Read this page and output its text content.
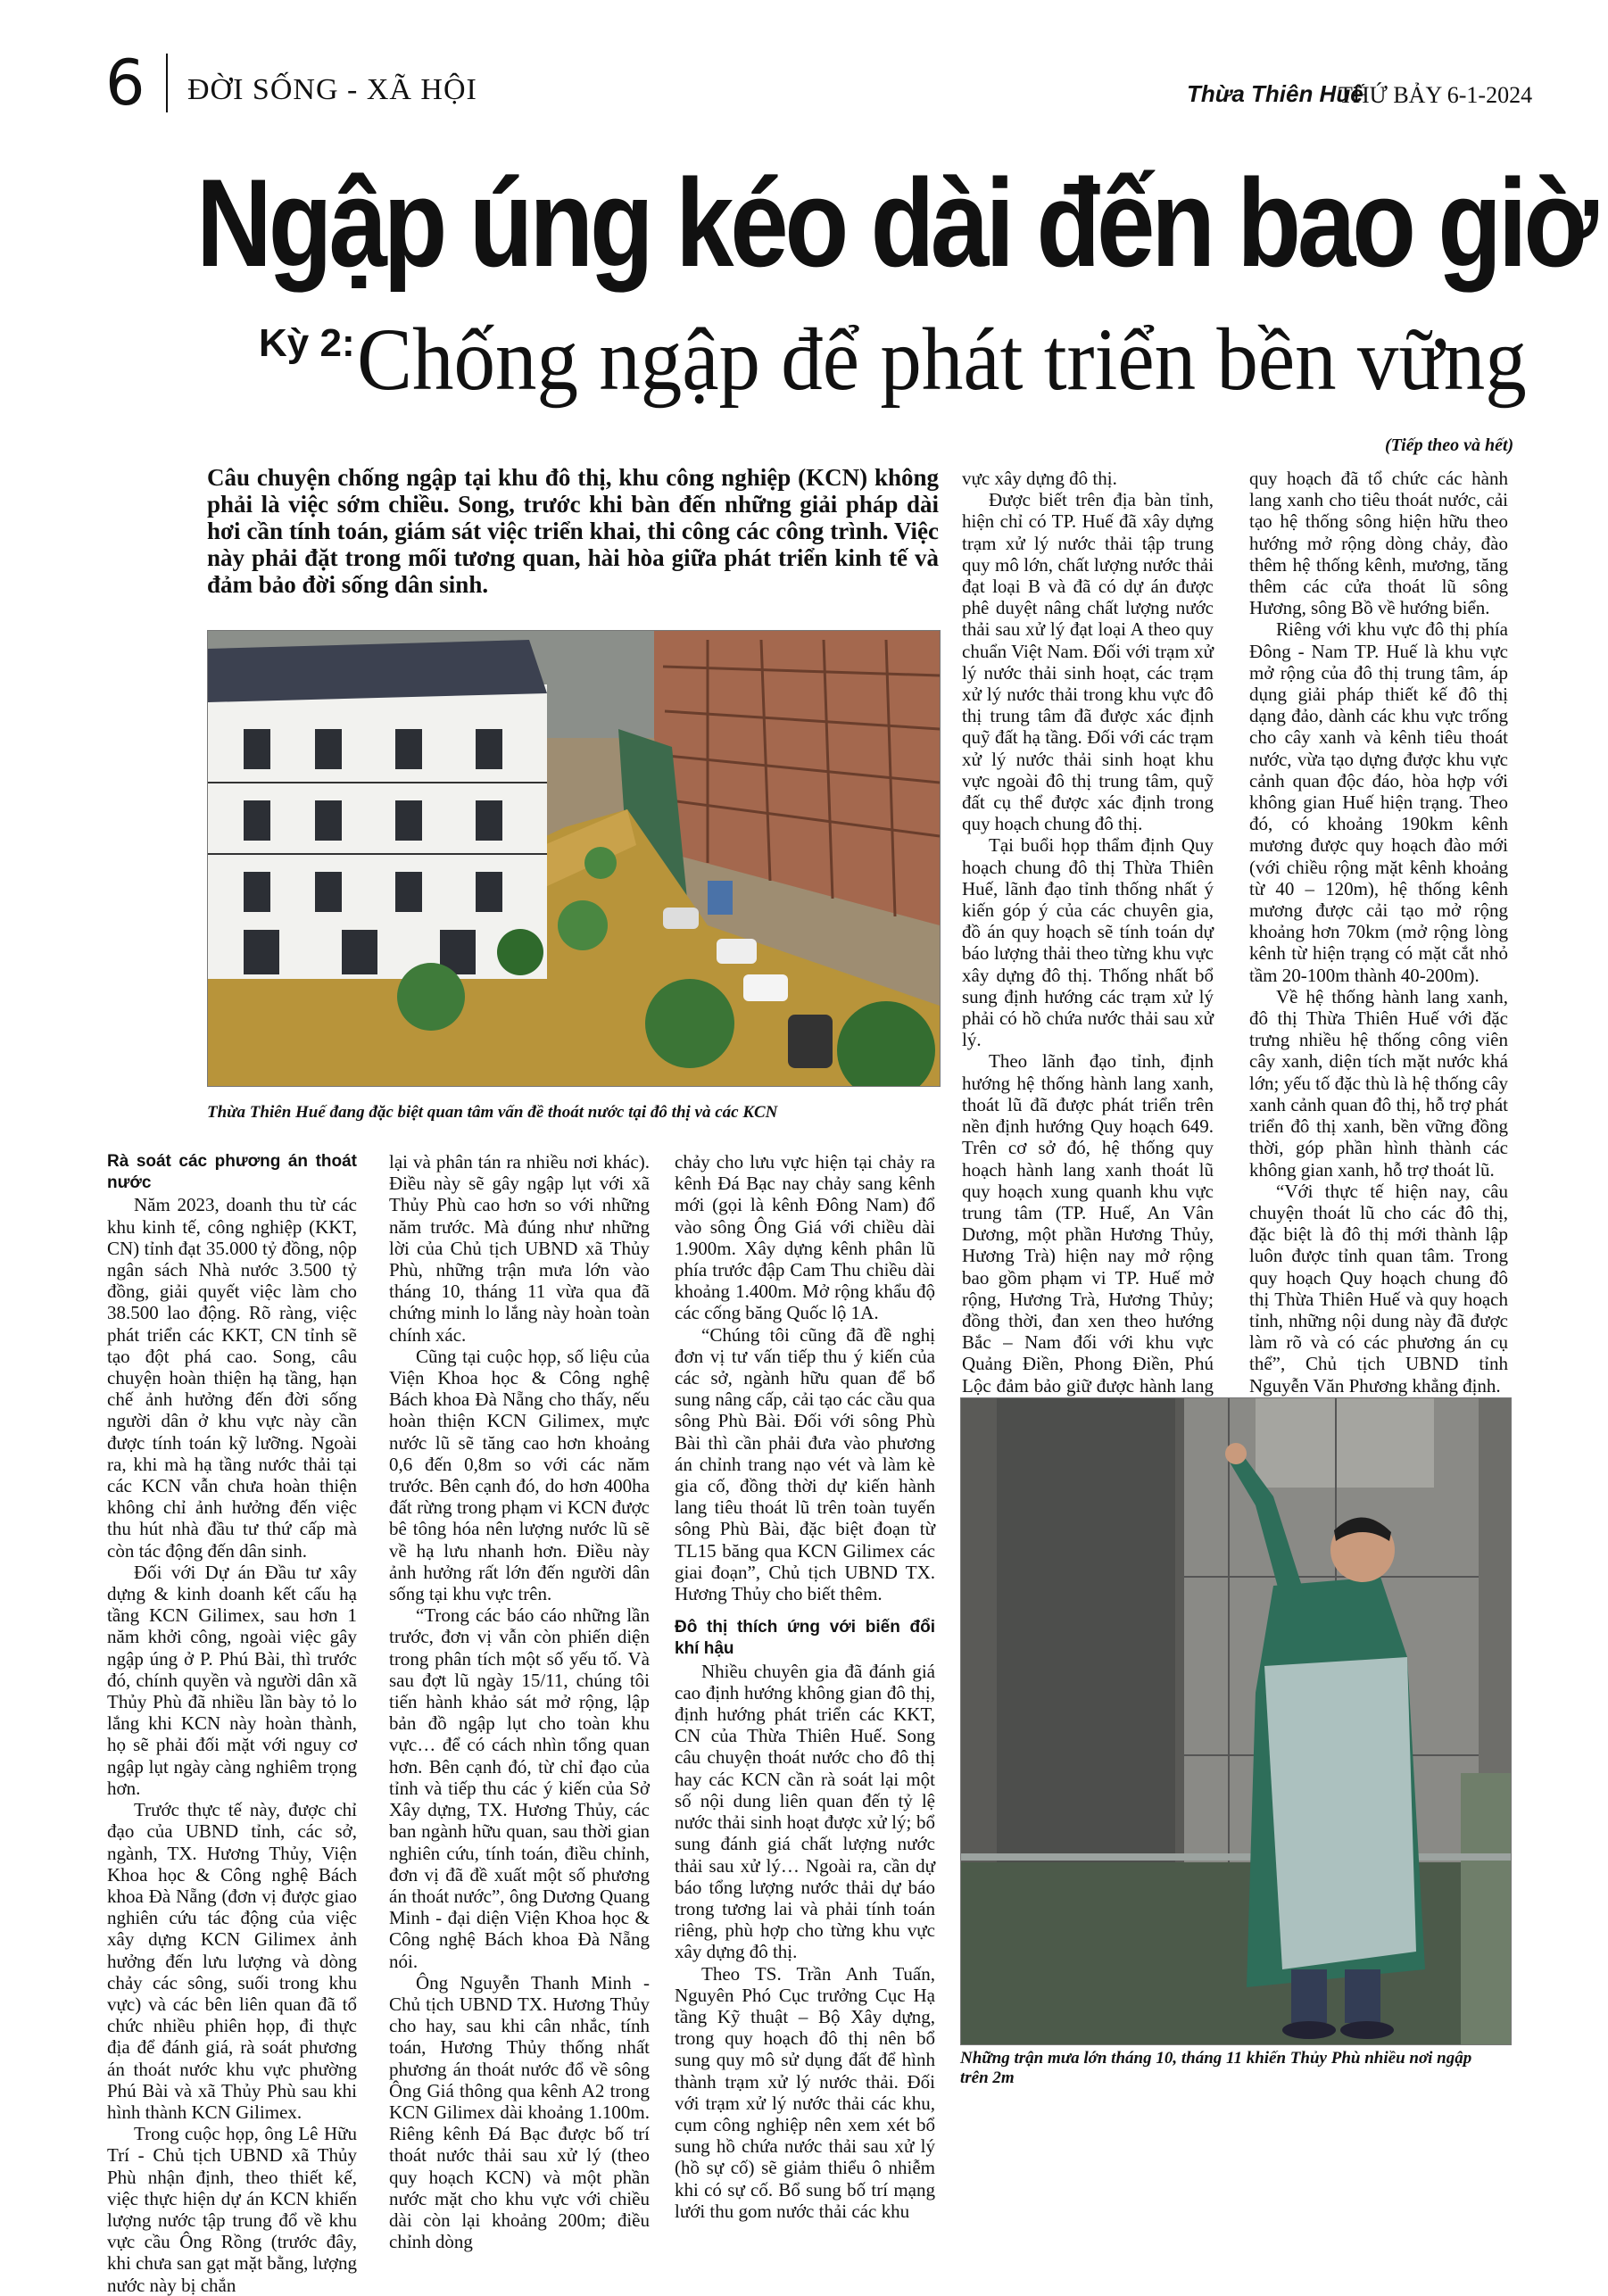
6 ĐỜI SỐNG - XÃ HỘI	Thừa Thiên Huế
THỨ BẢY 6-1-2024
Ngập úng kéo dài đến bao giờ
Kỳ 2: Chống ngập để phát triển bền vững
(Tiếp theo và hết)

Câu chuyện chống ngập tại khu đô thị, khu công nghiệp (KCN) không phải là việc sớm chiều. Song, trước khi bàn đến những giải pháp dài hơi cần tính toán, giám sát việc triển khai, thi công các công trình. Việc này phải đặt trong mối tương quan, hài hòa giữa phát triển kinh tế và đảm bảo đời sống dân sinh.

Thừa Thiên Huế đang đặc biệt quan tâm vấn đề thoát nước tại đô thị và các KCN

Rà soát các phương án thoát nước

Năm 2023, doanh thu từ các khu kinh tế, công nghiệp (KKT, CN) tỉnh đạt 35.000 tỷ đồng, nộp ngân sách Nhà nước 3.500 tỷ đồng, giải quyết việc làm cho 38.500 lao động. Rõ ràng, việc phát triển các KKT, CN tỉnh sẽ tạo đột phá cao. Song, câu chuyện hoàn thiện hạ tầng, hạn chế ảnh hưởng đến đời sống người dân ở khu vực này cần được tính toán kỹ lưỡng. Ngoài ra, khi mà hạ tầng nước thải tại các KCN vẫn chưa hoàn thiện không chỉ ảnh hưởng đến việc thu hút nhà đầu tư thứ cấp mà còn tác động đến dân sinh.

Đối với Dự án Đầu tư xây dựng & kinh doanh kết cấu hạ tầng KCN Gilimex, sau hơn 1 năm khởi công, ngoài việc gây ngập úng ở P. Phú Bài, thì trước đó, chính quyền và người dân xã Thủy Phù đã nhiều lần bày tỏ lo lắng khi KCN này hoàn thành, họ sẽ phải đối mặt với nguy cơ ngập lụt ngày càng nghiêm trọng hơn.

Trước thực tế này, được chỉ đạo của UBND tỉnh, các sở, ngành, TX. Hương Thủy, Viện Khoa học & Công nghệ Bách khoa Đà Nẵng (đơn vị được giao nghiên cứu tác động của việc xây dựng KCN Gilimex ảnh hưởng đến lưu lượng và dòng chảy các sông, suối trong khu vực) và các bên liên quan đã tổ chức nhiều phiên họp, đi thực địa để đánh giá, rà soát phương án thoát nước khu vực phường Phú Bài và xã Thủy Phù sau khi hình thành KCN Gilimex.

Trong cuộc họp, ông Lê Hữu Trí - Chủ tịch UBND xã Thủy Phù nhận định, theo thiết kế, việc thực hiện dự án KCN khiến lượng nước tập trung đổ về khu vực cầu Ông Rồng (trước đây, khi chưa san gạt mặt bằng, lượng nước này bị chắn

lại và phân tán ra nhiều nơi khác). Điều này sẽ gây ngập lụt với xã Thủy Phù cao hơn so với những năm trước. Mà đúng như những lời của Chủ tịch UBND xã Thủy Phù, những trận mưa lớn vào tháng 10, tháng 11 vừa qua đã chứng minh lo lắng này hoàn toàn chính xác.

Cũng tại cuộc họp, số liệu của Viện Khoa học & Công nghệ Bách khoa Đà Nẵng cho thấy, nếu hoàn thiện KCN Gilimex, mực nước lũ sẽ tăng cao hơn khoảng 0,6 đến 0,8m so với các năm trước. Bên cạnh đó, do hơn 400ha đất rừng trong phạm vi KCN được bê tông hóa nên lượng nước lũ sẽ về hạ lưu nhanh hơn. Điều này ảnh hưởng rất lớn đến người dân sống tại khu vực trên.

“Trong các báo cáo những lần trước, đơn vị vẫn còn phiến diện trong phân tích một số yếu tố. Và sau đợt lũ ngày 15/11, chúng tôi tiến hành khảo sát mở rộng, lập bản đồ ngập lụt cho toàn khu vực… để có cách nhìn tổng quan hơn. Bên cạnh đó, từ chỉ đạo của tỉnh và tiếp thu các ý kiến của Sở Xây dựng, TX. Hương Thủy, các ban ngành hữu quan, sau thời gian nghiên cứu, tính toán, điều chỉnh, đơn vị đã đề xuất một số phương án thoát nước”, ông Dương Quang Minh - đại diện Viện Khoa học & Công nghệ Bách khoa Đà Nẵng nói.

Ông Nguyễn Thanh Minh - Chủ tịch UBND TX. Hương Thủy cho hay, sau khi cân nhắc, tính toán, Hương Thủy thống nhất phương án thoát nước đổ về sông Ông Giá thông qua kênh A2 trong KCN Gilimex dài khoảng 1.100m. Riêng kênh Đá Bạc được bố trí thoát nước thải sau xử lý (theo quy hoạch KCN) và một phần nước mặt cho khu vực với chiều dài còn lại khoảng 200m; điều chỉnh dòng

chảy cho lưu vực hiện tại chảy ra kênh Đá Bạc nay chảy sang kênh mới (gọi là kênh Đông Nam) đổ vào sông Ông Giá với chiều dài 1.900m. Xây dựng kênh phân lũ phía trước đập Cam Thu chiều dài khoảng 1.400m. Mở rộng khẩu độ các cống băng Quốc lộ 1A.

“Chúng tôi cũng đã đề nghị đơn vị tư vấn tiếp thu ý kiến của các sở, ngành hữu quan để bổ sung nâng cấp, cải tạo các cầu qua sông Phù Bài. Đối với sông Phù Bài thì cần phải đưa vào phương án chỉnh trang nạo vét và làm kè gia cố, đồng thời dự kiến hành lang tiêu thoát lũ trên toàn tuyến sông Phù Bài, đặc biệt đoạn từ TL15 băng qua KCN Gilimex các giai đoạn”, Chủ tịch UBND TX. Hương Thủy cho biết thêm.

Đô thị thích ứng với biến đổi khí hậu

Nhiều chuyên gia đã đánh giá cao định hướng không gian đô thị, định hướng phát triển các KKT, CN của Thừa Thiên Huế. Song câu chuyện thoát nước cho đô thị hay các KCN cần rà soát lại một số nội dung liên quan đến tỷ lệ nước thải sinh hoạt được xử lý; bổ sung đánh giá chất lượng nước thải sau xử lý… Ngoài ra, cần dự báo tổng lượng nước thải dự báo trong tương lai và phải tính toán riêng, phù hợp cho từng khu vực xây dựng đô thị.

Theo TS. Trần Anh Tuấn, Nguyên Phó Cục trưởng Cục Hạ tầng Kỹ thuật – Bộ Xây dựng, trong quy hoạch đô thị nên bổ sung quy mô sử dụng đất để hình thành trạm xử lý nước thải. Đối với trạm xử lý nước thải các khu, cụm công nghiệp nên xem xét bổ sung hồ chứa nước thải sau xử lý (hồ sự cố) sẽ giảm thiểu ô nhiễm khi có sự cố. Bổ sung bố trí mạng lưới thu gom nước thải các khu

vực xây dựng đô thị.

Được biết trên địa bàn tỉnh, hiện chỉ có TP. Huế đã xây dựng trạm xử lý nước thải tập trung quy mô lớn, chất lượng nước thải đạt loại B và đã có dự án được phê duyệt nâng chất lượng nước thải sau xử lý đạt loại A theo quy chuẩn Việt Nam. Đối với trạm xử lý nước thải sinh hoạt, các trạm xử lý nước thải trong khu vực đô thị trung tâm đã được xác định quỹ đất hạ tầng. Đối với các trạm xử lý nước thải sinh hoạt khu vực ngoài đô thị trung tâm, quỹ đất cụ thể được xác định trong quy hoạch chung đô thị.

Tại buổi họp thẩm định Quy hoạch chung đô thị Thừa Thiên Huế, lãnh đạo tỉnh thống nhất ý kiến góp ý của các chuyên gia, đồ án quy hoạch sẽ tính toán dự báo lượng thải theo từng khu vực xây dựng đô thị. Thống nhất bổ sung định hướng các trạm xử lý phải có hồ chứa nước thải sau xử lý.

Theo lãnh đạo tỉnh, định hướng hệ thống hành lang xanh, thoát lũ đã được phát triển trên nền định hướng Quy hoạch 649. Trên cơ sở đó, hệ thống quy hoạch hành lang xanh thoát lũ quy hoạch xung quanh khu vực trung tâm (TP. Huế, An Vân Dương, một phần Hương Thủy, Hương Trà) hiện nay mở rộng bao gồm phạm vi TP. Huế mở rộng, Hương Trà, Hương Thủy; đồng thời, đan xen theo hướng Bắc – Nam đối với khu vực Quảng Điền, Phong Điền, Phú Lộc đảm bảo giữ được hành lang

quy hoạch đã tổ chức các hành lang xanh cho tiêu thoát nước, cải tạo hệ thống sông hiện hữu theo hướng mở rộng dòng chảy, đào thêm hệ thống kênh, mương, tăng thêm các cửa thoát lũ sông Hương, sông Bồ về hướng biển.

Riêng với khu vực đô thị phía Đông - Nam TP. Huế là khu vực mở rộng của đô thị trung tâm, áp dụng giải pháp thiết kế đô thị dạng đảo, dành các khu vực trống cho cây xanh và kênh tiêu thoát nước, vừa tạo dựng được khu vực cảnh quan độc đáo, hòa hợp với không gian Huế hiện trạng. Theo đó, có khoảng 190km kênh mương được quy hoạch đào mới (với chiều rộng mặt kênh khoảng từ 40 – 120m), hệ thống kênh mương được cải tạo mở rộng khoảng hơn 70km (mở rộng lòng kênh từ hiện trạng có mặt cắt nhỏ tầm 20-100m thành 40-200m).

Về hệ thống hành lang xanh, đô thị Thừa Thiên Huế với đặc trưng nhiều hệ thống công viên cây xanh, diện tích mặt nước khá lớn; yếu tố đặc thù là hệ thống cây xanh cảnh quan đô thị, hỗ trợ phát triển đô thị xanh, bền vững đồng thời, góp phần hình thành các không gian xanh, hỗ trợ thoát lũ.

“Với thực tế hiện nay, câu chuyện thoát lũ cho các đô thị, đặc biệt là đô thị mới thành lập luôn được tỉnh quan tâm. Trong quy hoạch Quy hoạch chung đô thị Thừa Thiên Huế và quy hoạch tỉnh, những nội dung này đã được làm rõ và có các phương án cụ thể”, Chủ tịch UBND tỉnh Nguyễn Văn Phương khẳng định.

Những trận mưa lớn tháng 10, tháng 11 khiến Thủy Phù nhiều nơi ngập trên 2m
